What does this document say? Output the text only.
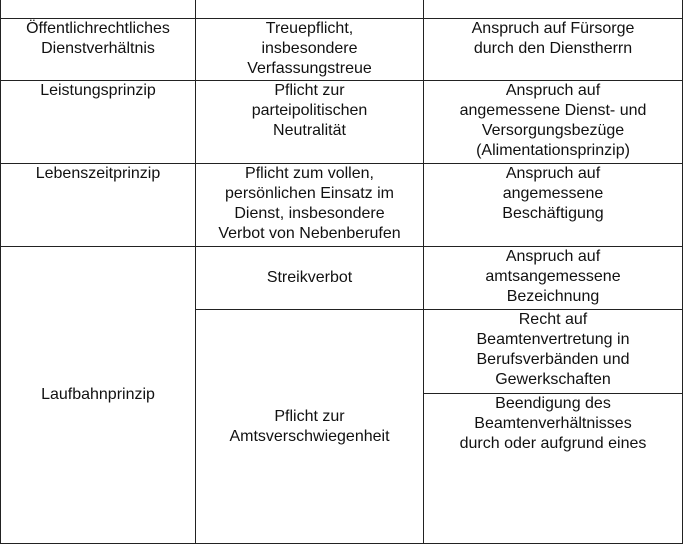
Öffentlichrechtliches
Dienstverhältnis	Treuepflicht,
insbesondere
Verfassungstreue	Anspruch auf Fürsorge
durch den Dienstherrn

Leistungsprinzip	Pflicht zur
parteipolitischen
Neutralität	Anspruch auf
angemessene Dienst- und
Versorgungsbezüge
(Alimentationsprinzip)

Lebenszeitprinzip	Pflicht zum vollen,
persönlichen Einsatz im
Dienst, insbesondere
Verbot von Nebenberufen	Anspruch auf
angemessene
Beschäftigung

Laufbahnprinzip	Streikverbot	Anspruch auf
amtsangemessene
Bezeichnung

	Pflicht zur
Amtsverschwiegenheit	Recht auf
Beamtenvertretung in
Berufsverbänden und
Gewerkschaften

		Beendigung des
Beamtenverhältnisses
durch oder aufgrund eines
